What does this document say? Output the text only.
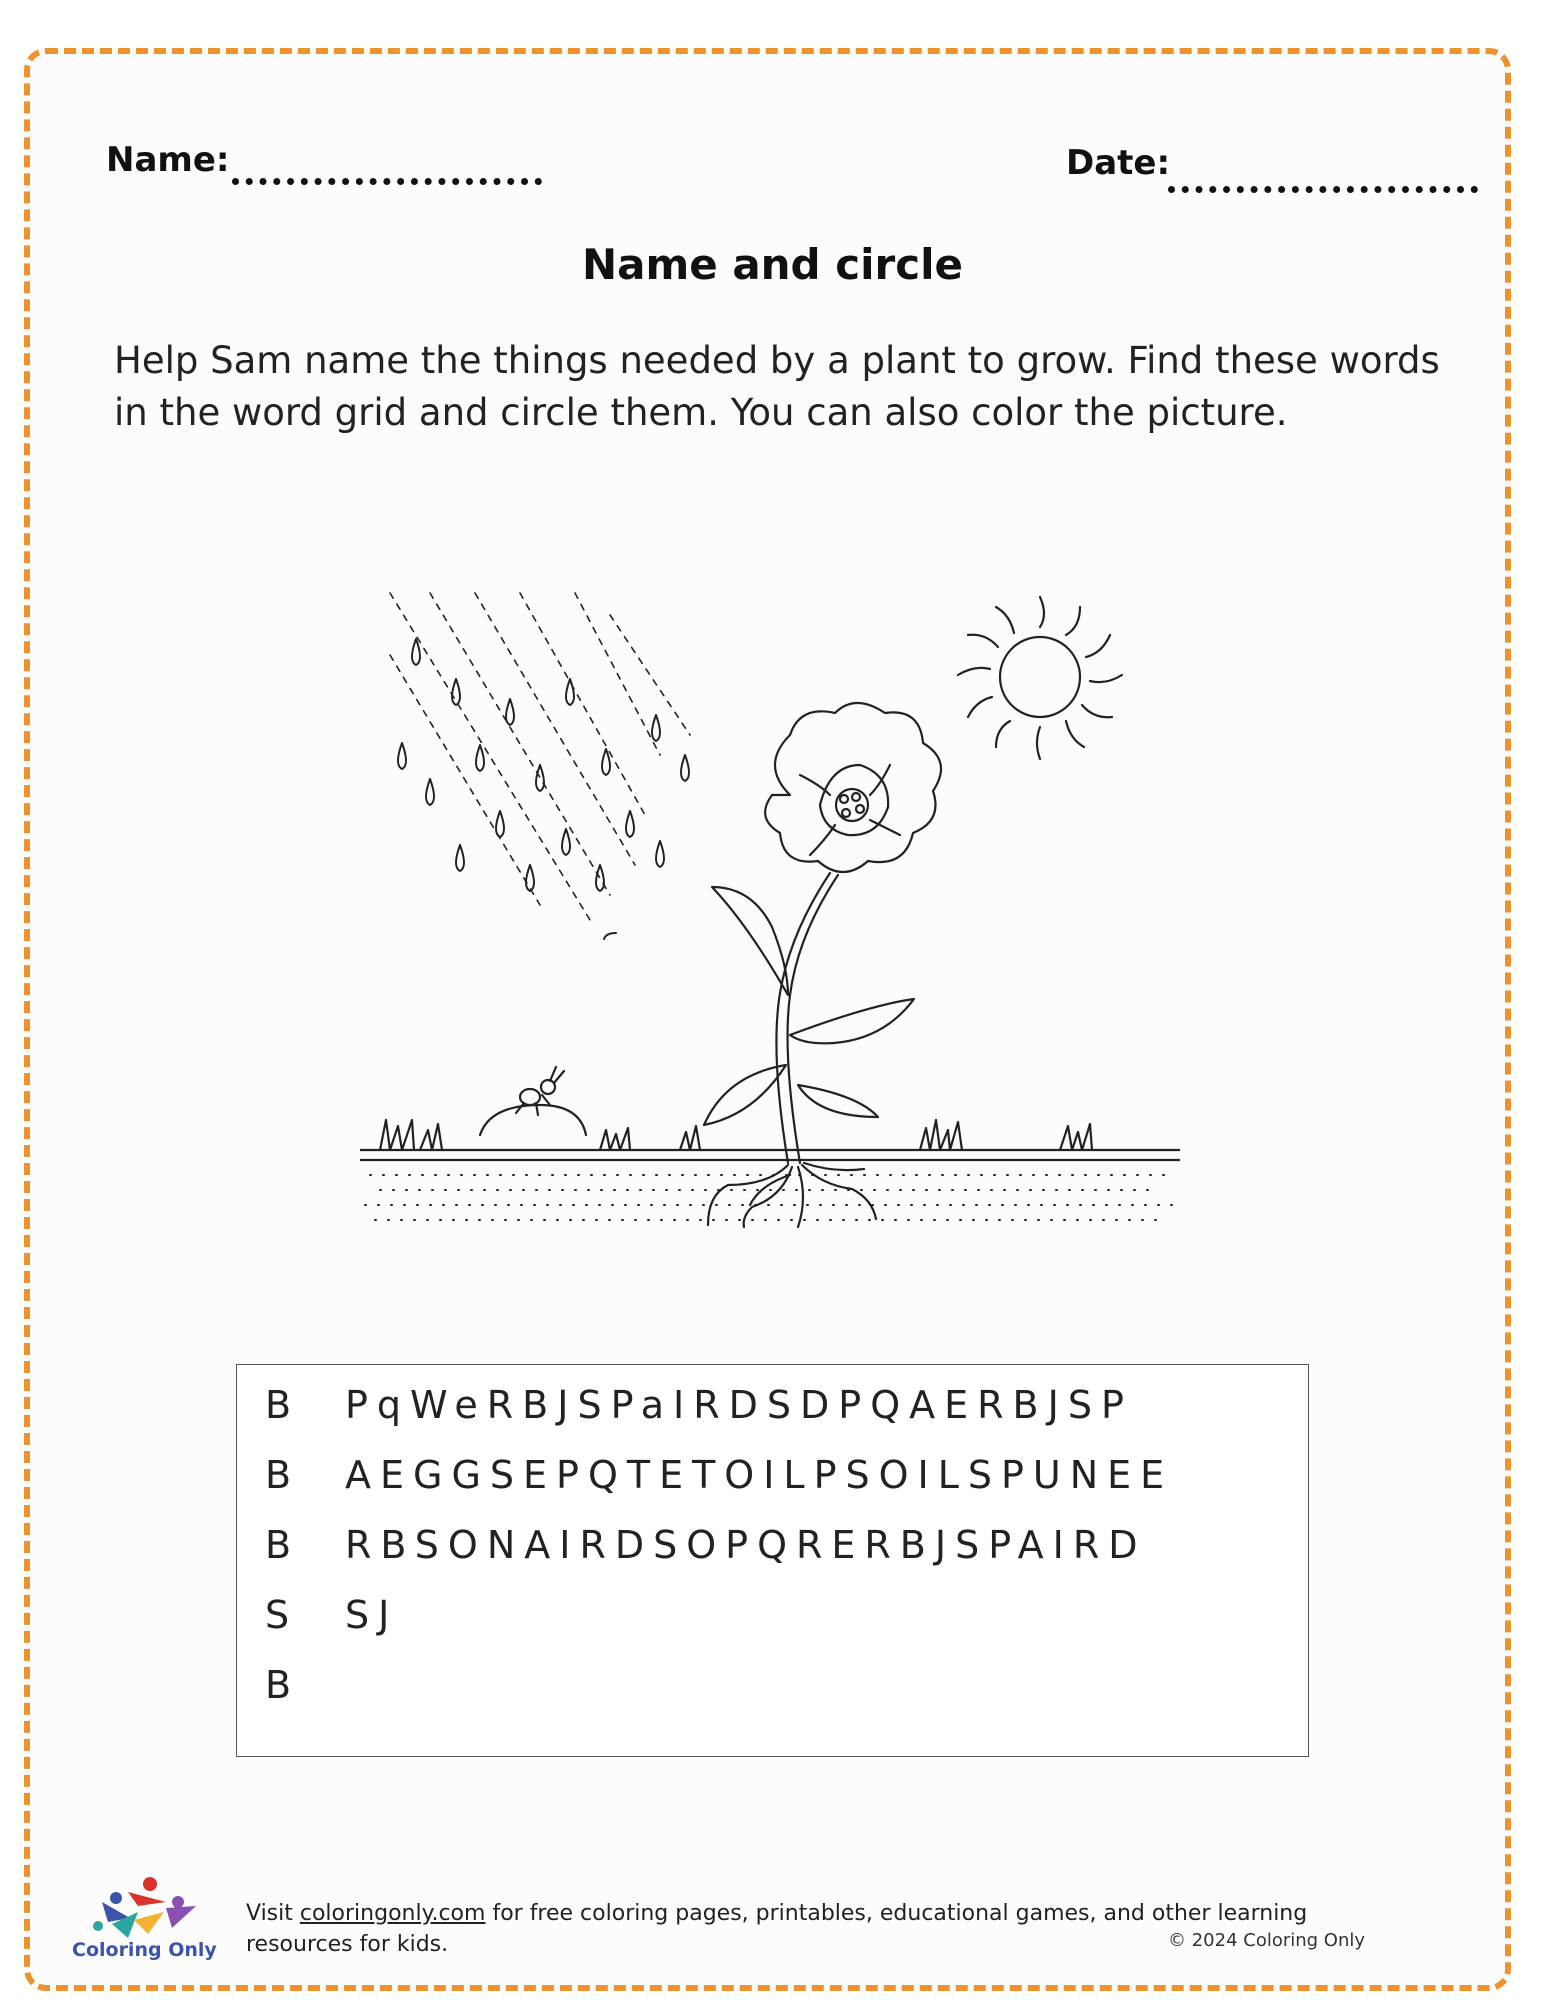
Name:	Date:
Name and circle
Help Sam name the things needed by a plant to grow. Find these words in the word grid and circle them. You can also color the picture.
B	PqWeRBJSPaIRDSDPQAERBJSP
B	AEGGSEPQTETOILPSOILSPUNEE
B	RBSONAIRDSOPQRERBJSPAIRD
S	SJ
B
Coloring Only
Visit coloringonly.com for free coloring pages, printables, educational games, and other learning resources for kids.	© 2024 Coloring Only
